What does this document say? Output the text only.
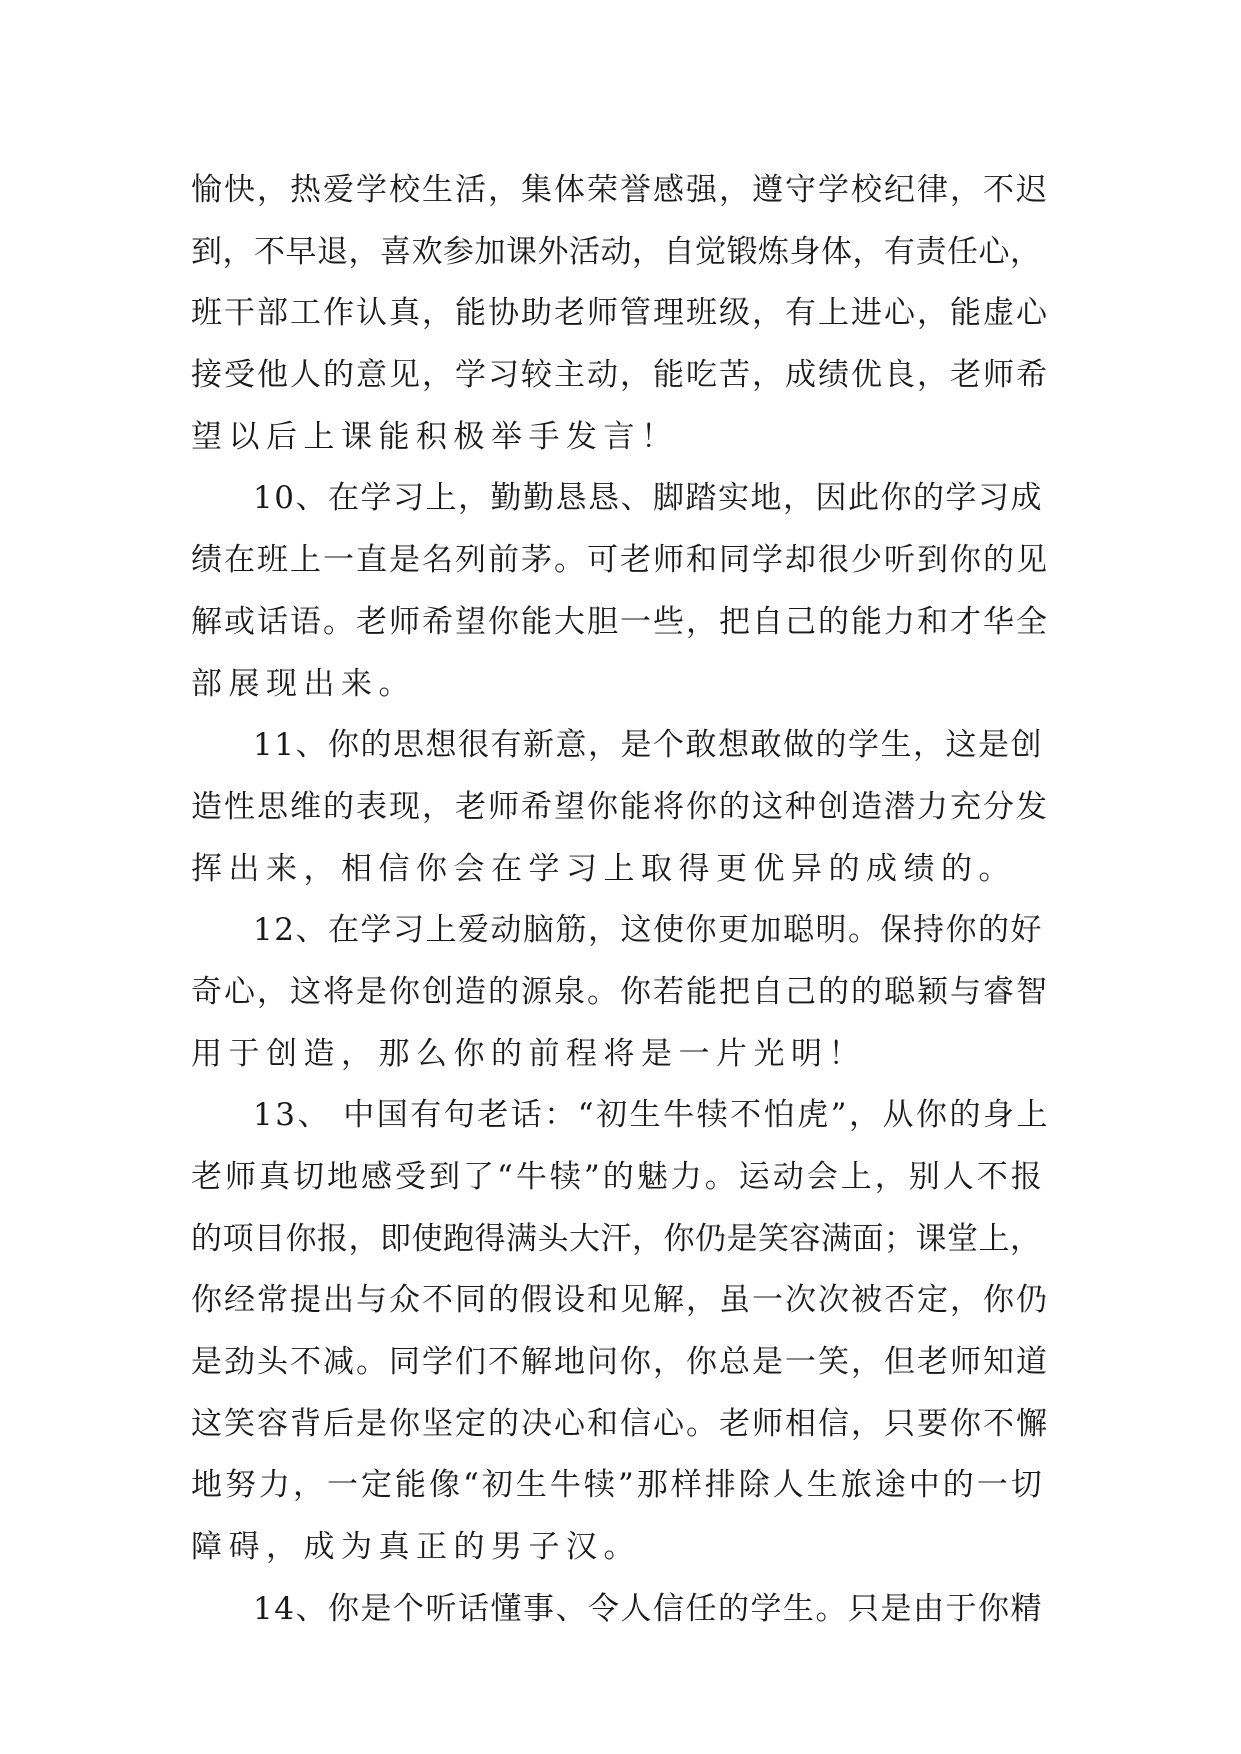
愉快，热爱学校生活，集体荣誉感强，遵守学校纪律，不迟
到，不早退，喜欢参加课外活动，自觉锻炼身体，有责任心，
班干部工作认真，能协助老师管理班级，有上进心，能虚心
接受他人的意见，学习较主动，能吃苦，成绩优良，老师希
望以后上课能积极举手发言！
10、在学习上，勤勤恳恳、脚踏实地，因此你的学习成
绩在班上一直是名列前茅。可老师和同学却很少听到你的见
解或话语。老师希望你能大胆一些，把自己的能力和才华全
部展现出来。
11、你的思想很有新意，是个敢想敢做的学生，这是创
造性思维的表现，老师希望你能将你的这种创造潜力充分发
挥出来，相信你会在学习上取得更优异的成绩的。
12、在学习上爱动脑筋，这使你更加聪明。保持你的好
奇心，这将是你创造的源泉。你若能把自己的的聪颖与睿智
用于创造，那么你的前程将是一片光明！
13、 中国有句老话：“初生牛犊不怕虎”，从你的身上
老师真切地感受到了“牛犊”的魅力。运动会上，别人不报
的项目你报，即使跑得满头大汗，你仍是笑容满面；课堂上，
你经常提出与众不同的假设和见解，虽一次次被否定，你仍
是劲头不减。同学们不解地问你，你总是一笑，但老师知道
这笑容背后是你坚定的决心和信心。老师相信，只要你不懈
地努力，一定能像“初生牛犊”那样排除人生旅途中的一切
障碍，成为真正的男子汉。
14、你是个听话懂事、令人信任的学生。只是由于你精
